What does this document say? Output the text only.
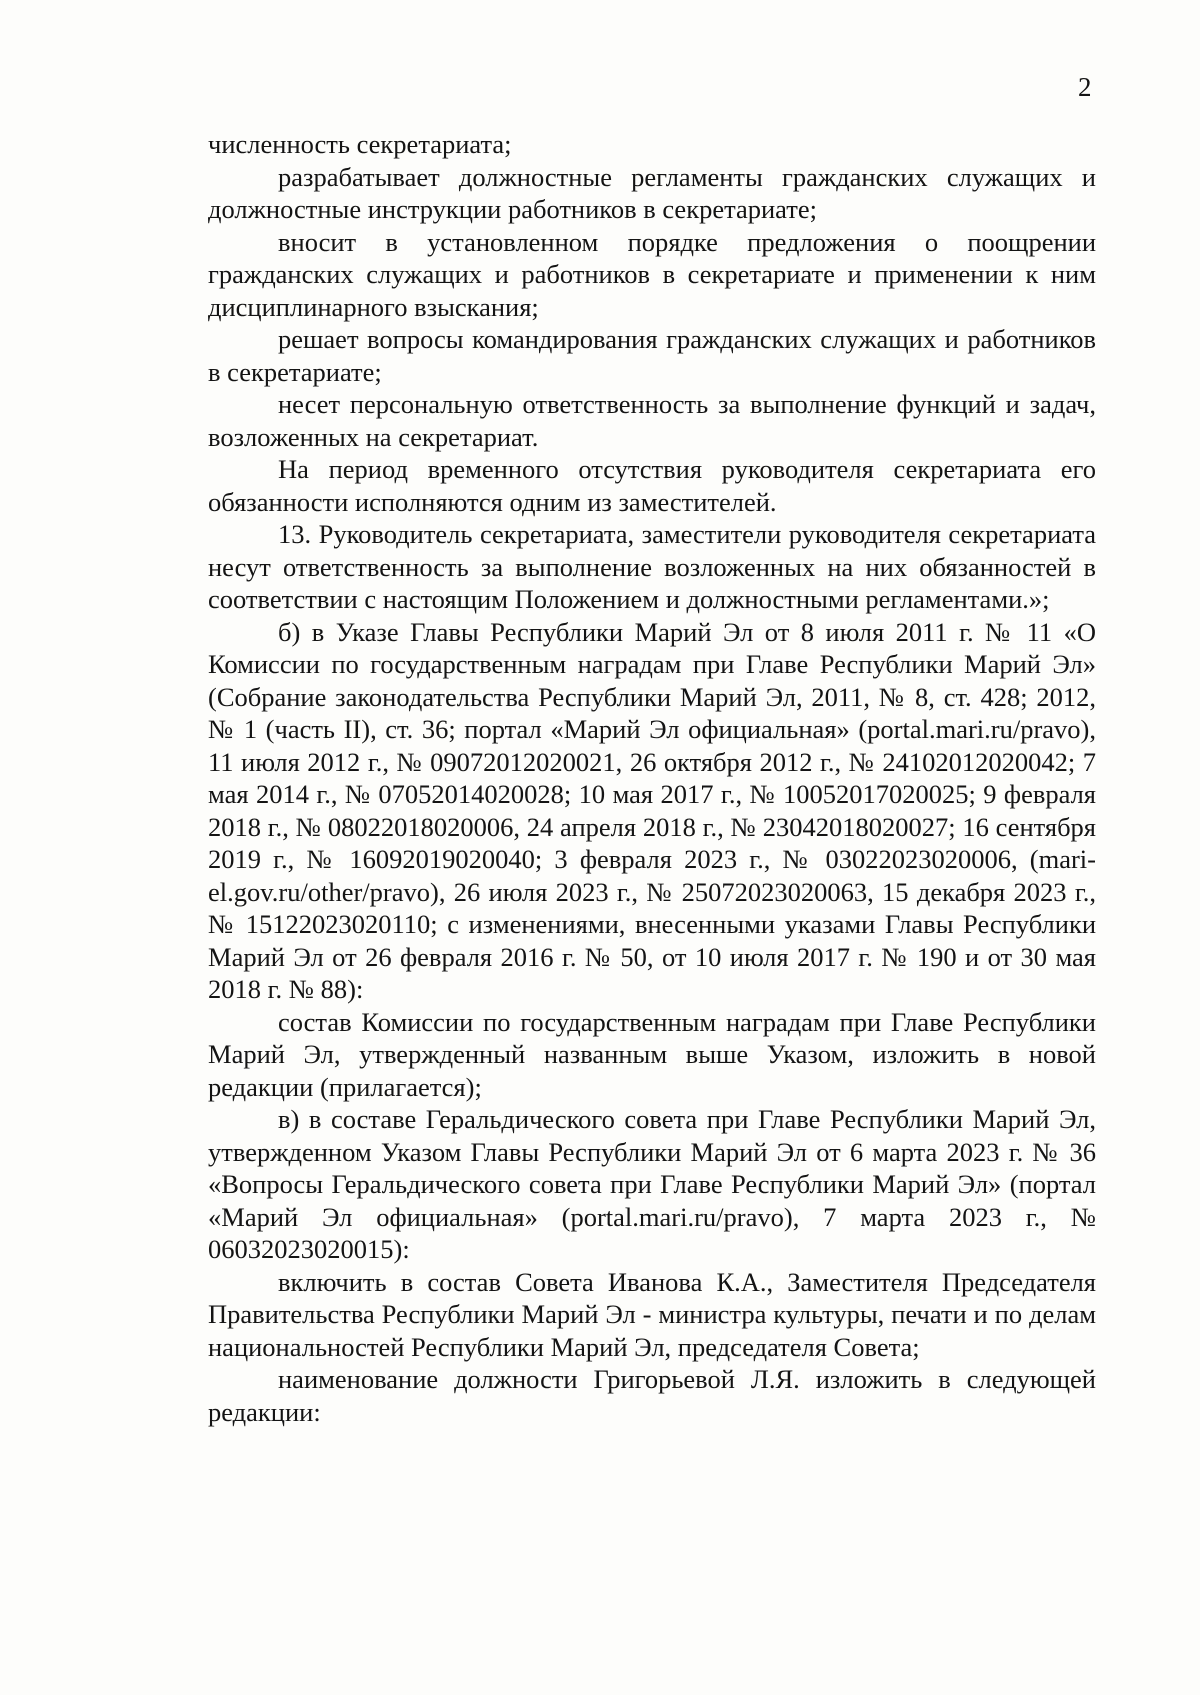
2

численность секретариата;

разрабатывает должностные регламенты гражданских служащих и должностные инструкции работников в секретариате;

вносит в установленном порядке предложения о поощрении гражданских служащих и работников в секретариате и применении к ним дисциплинарного взыскания;

решает вопросы командирования гражданских служащих и работников в секретариате;

несет персональную ответственность за выполнение функций и задач, возложенных на секретариат.

На период временного отсутствия руководителя секретариата его обязанности исполняются одним из заместителей.

13. Руководитель секретариата, заместители руководителя секретариата несут ответственность за выполнение возложенных на них обязанностей в соответствии с настоящим Положением и должностными регламентами.»;

б) в Указе Главы Республики Марий Эл от 8 июля 2011 г. № 11 «О Комиссии по государственным наградам при Главе Республики Марий Эл» (Собрание законодательства Республики Марий Эл, 2011, № 8, ст. 428; 2012, № 1 (часть II), ст. 36; портал «Марий Эл официальная» (portal.mari.ru/pravo), 11 июля 2012 г., № 09072012020021, 26 октября 2012 г., № 24102012020042; 7 мая 2014 г., № 07052014020028; 10 мая 2017 г., № 10052017020025; 9 февраля 2018 г., № 08022018020006, 24 апреля 2018 г., № 23042018020027; 16 сентября 2019 г., № 16092019020040; 3 февраля 2023 г., № 03022023020006, (mari-el.gov.ru/other/pravo), 26 июля 2023 г., № 25072023020063, 15 декабря 2023 г., № 15122023020110; с изменениями, внесенными указами Главы Республики Марий Эл от 26 февраля 2016 г. № 50, от 10 июля 2017 г. № 190 и от 30 мая 2018 г. № 88):

состав Комиссии по государственным наградам при Главе Республики Марий Эл, утвержденный названным выше Указом, изложить в новой редакции (прилагается);

в) в составе Геральдического совета при Главе Республики Марий Эл, утвержденном Указом Главы Республики Марий Эл от 6 марта 2023 г. № 36 «Вопросы Геральдического совета при Главе Республики Марий Эл» (портал «Марий Эл официальная» (portal.mari.ru/pravo), 7 марта 2023 г., № 06032023020015):

включить в состав Совета Иванова К.А., Заместителя Председателя Правительства Республики Марий Эл - министра культуры, печати и по делам национальностей Республики Марий Эл, председателя Совета;

наименование должности Григорьевой Л.Я. изложить в следующей редакции:
